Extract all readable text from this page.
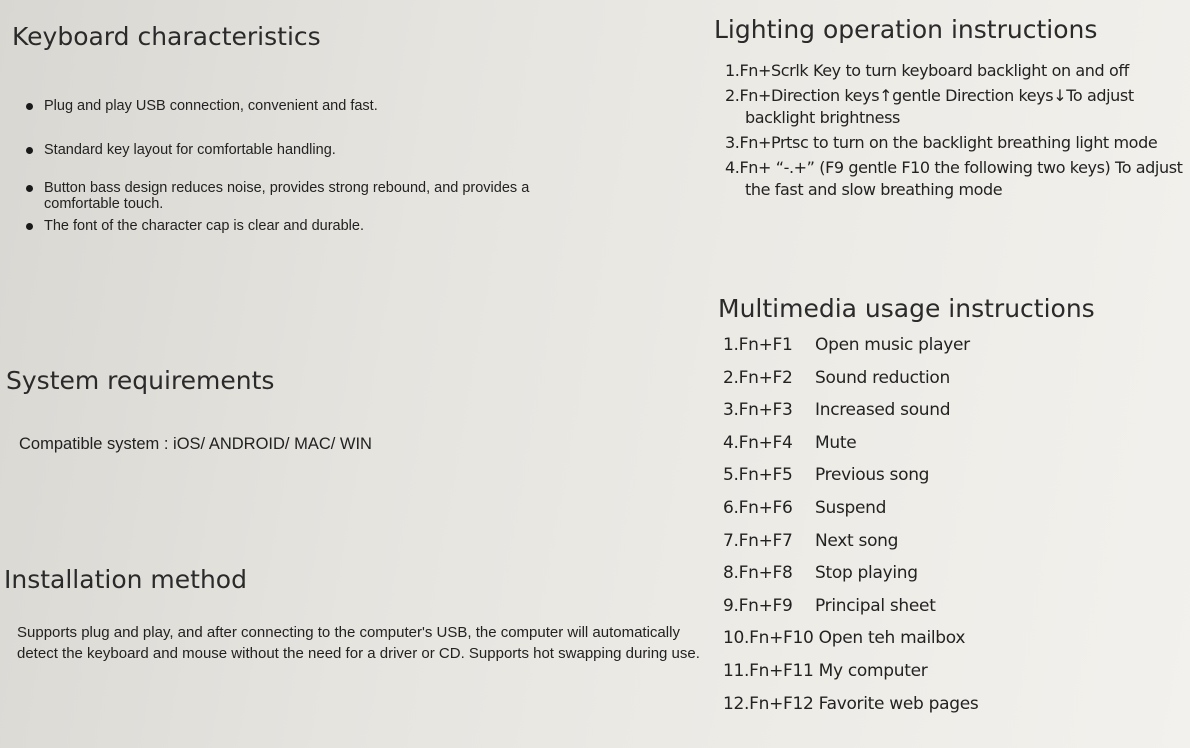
Keyboard characteristics
Plug and play USB connection, convenient and fast.
Standard key layout for comfortable handling.
Button bass design reduces noise, provides strong rebound, and provides a comfortable touch.
The font of the character cap is clear and durable.
System requirements

Compatible system : iOS/ ANDROID/ MAC/ WIN

Installation method

Supports plug and play, and after connecting to the computer's USB, the computer will automatically detect the keyboard and mouse without the need for a driver or CD. Supports hot swapping during use.

Lighting operation instructions
1.Fn+Scrlk Key to turn keyboard backlight on and off
2.Fn+Direction keys↑gentle Direction keys↓To adjust backlight brightness
3.Fn+Prtsc to turn on the backlight breathing light mode
4.Fn+ “-.+” (F9 gentle F10 the following two keys) To adjust the fast and slow breathing mode
Multimedia usage instructions
1.Fn+F1 Open music player
2.Fn+F2 Sound reduction
3.Fn+F3 Increased sound
4.Fn+F4 Mute
5.Fn+F5 Previous song
6.Fn+F6 Suspend
7.Fn+F7 Next song
8.Fn+F8 Stop playing
9.Fn+F9 Principal sheet
10.Fn+F10 Open teh mailbox
11.Fn+F11 My computer
12.Fn+F12 Favorite web pages
